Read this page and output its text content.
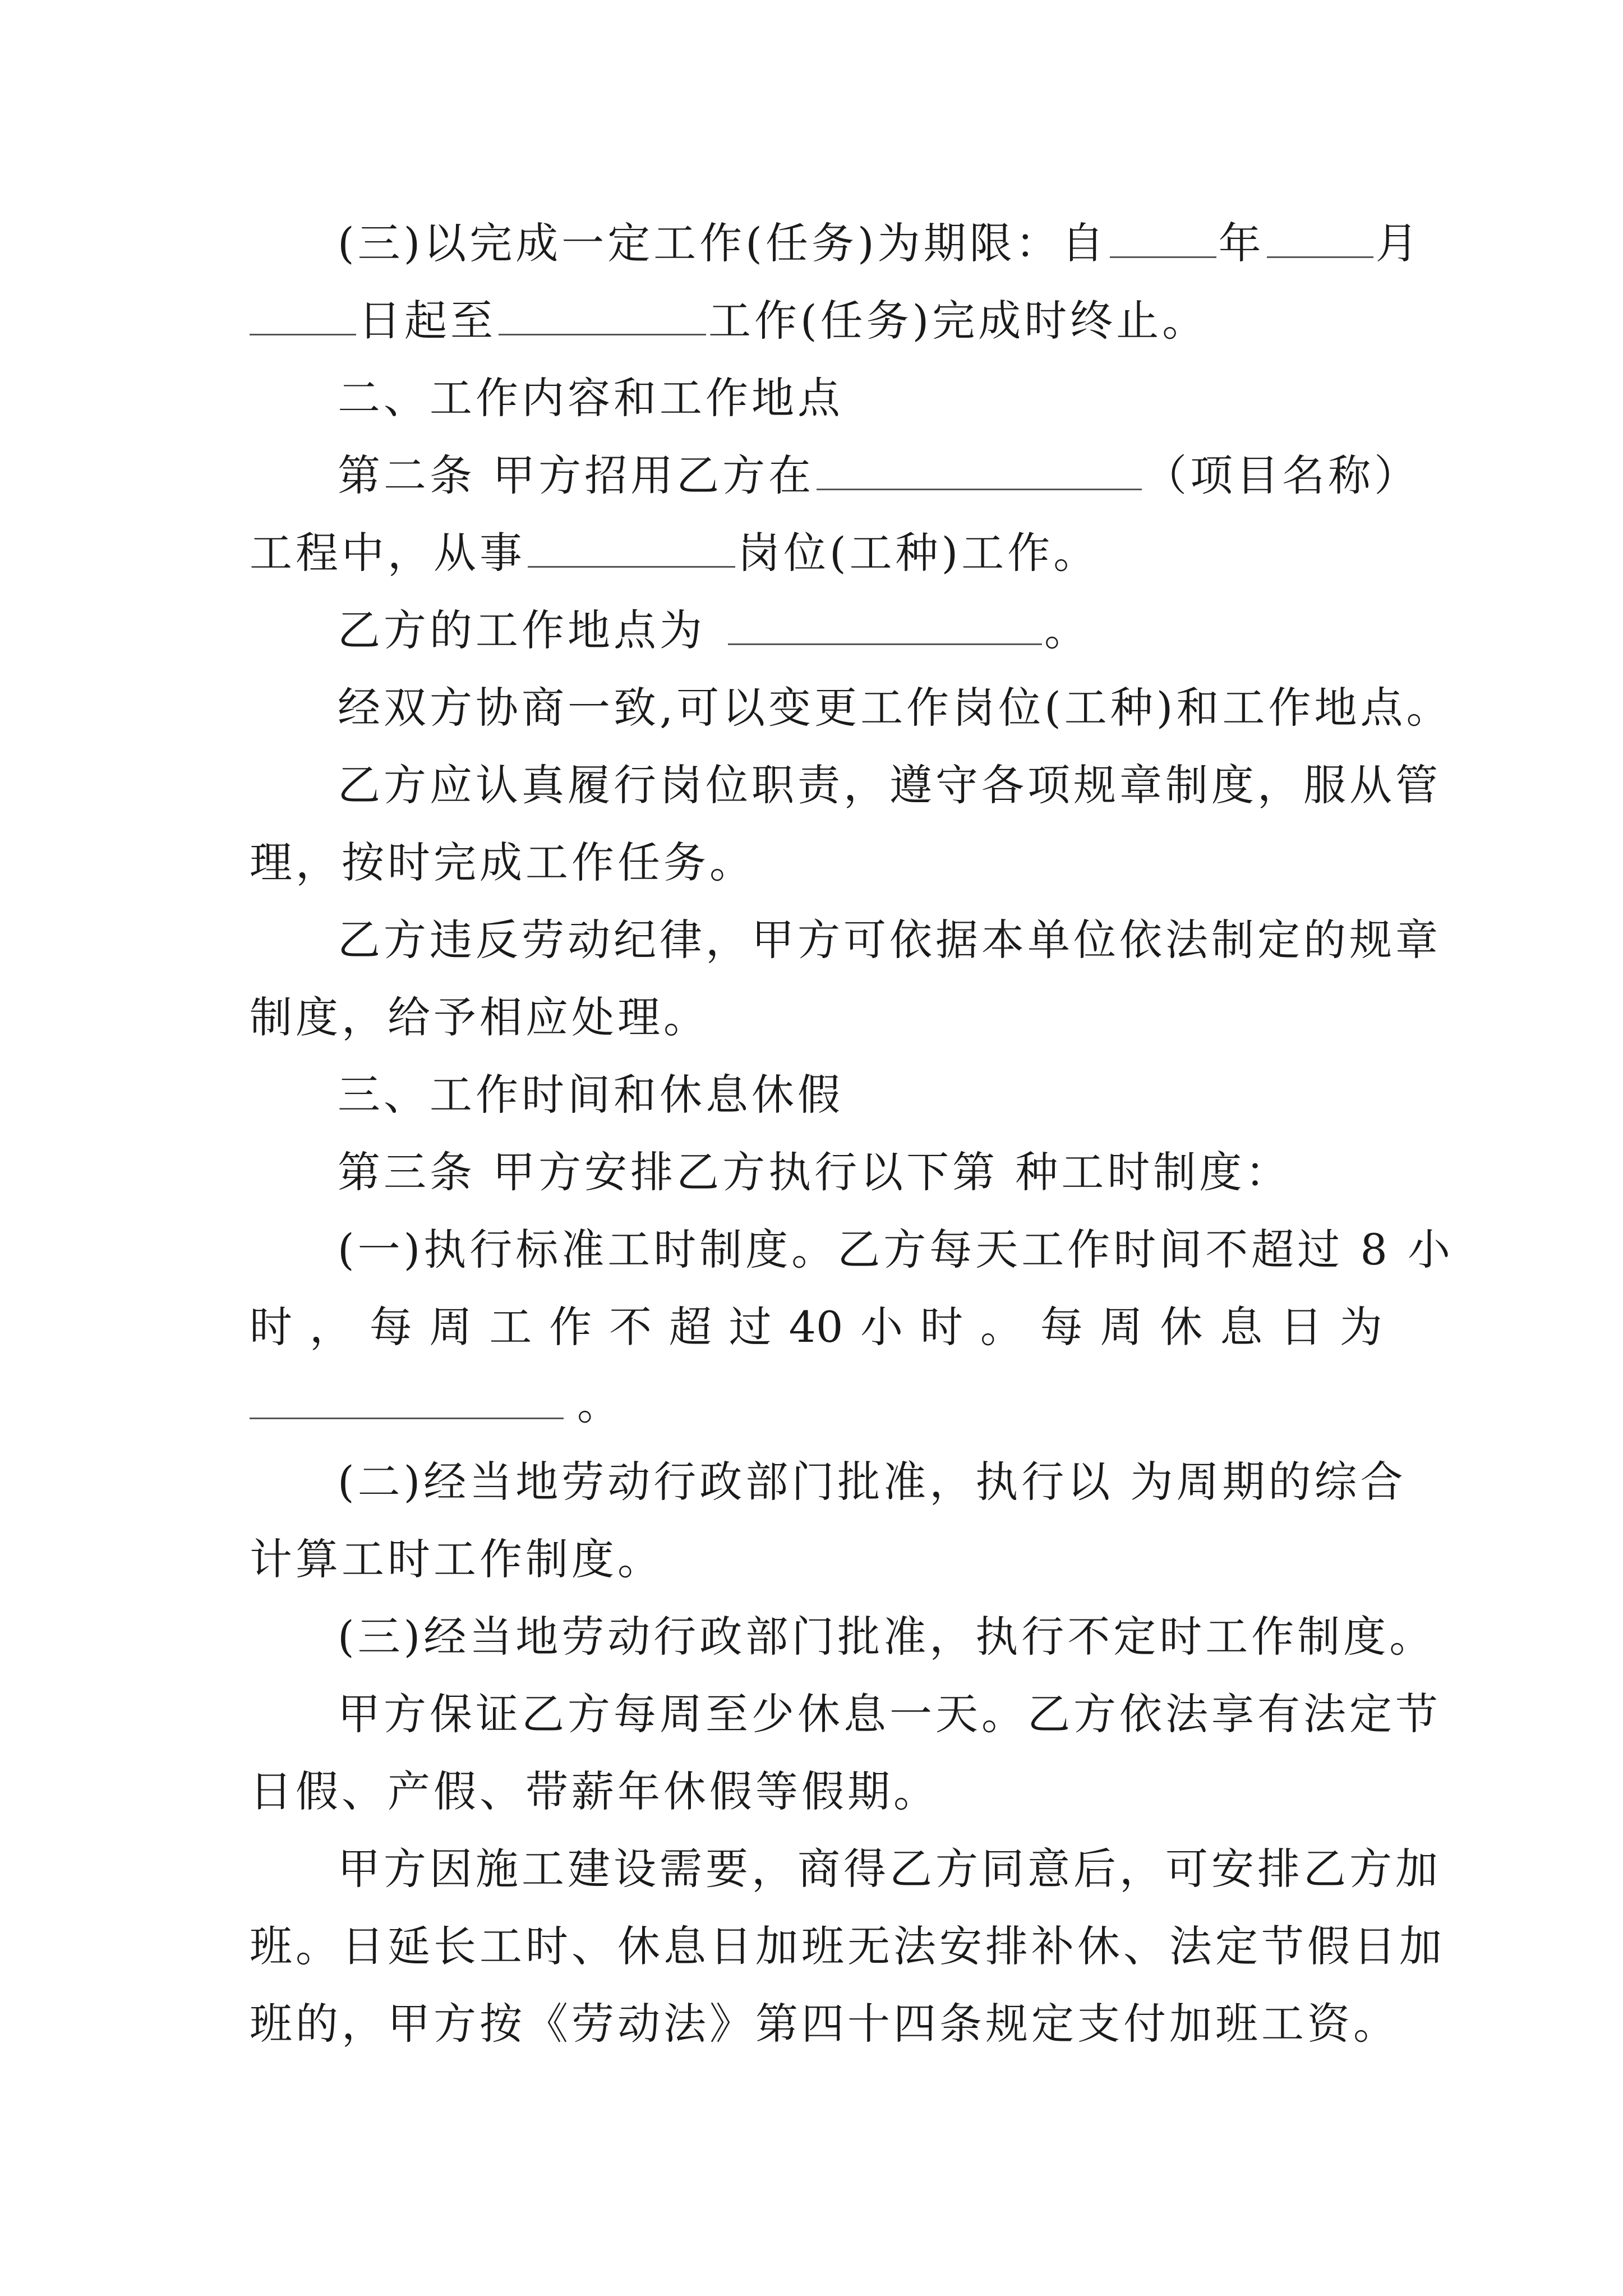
(三)以完成一定工作(任务)为期限：自	年	月
日起至	工作(任务)完成时终止。
二、工作内容和工作地点
第二条 甲方招用乙方在	（项目名称）
工程中，从事	岗位(工种)工作。
乙方的工作地点为	。
经双方协商一致,可以变更工作岗位(工种)和工作地点。
乙方应认真履行岗位职责，遵守各项规章制度，服从管
理，按时完成工作任务。
乙方违反劳动纪律，甲方可依据本单位依法制定的规章
制度，给予相应处理。
三、工作时间和休息休假
第三条 甲方安排乙方执行以下第 种工时制度：
(一)执行标准工时制度。乙方每天工作时间不超过 8 小
时 ， 每 周 工 作 不 超 过 40 小 时 。 每 周 休 息 日 为
。
(二)经当地劳动行政部门批准，执行以 为周期的综合
计算工时工作制度。
(三)经当地劳动行政部门批准，执行不定时工作制度。
甲方保证乙方每周至少休息一天。乙方依法享有法定节
日假、产假、带薪年休假等假期。
甲方因施工建设需要，商得乙方同意后，可安排乙方加
班。日延长工时、休息日加班无法安排补休、法定节假日加
班的，甲方按《劳动法》第四十四条规定支付加班工资。
